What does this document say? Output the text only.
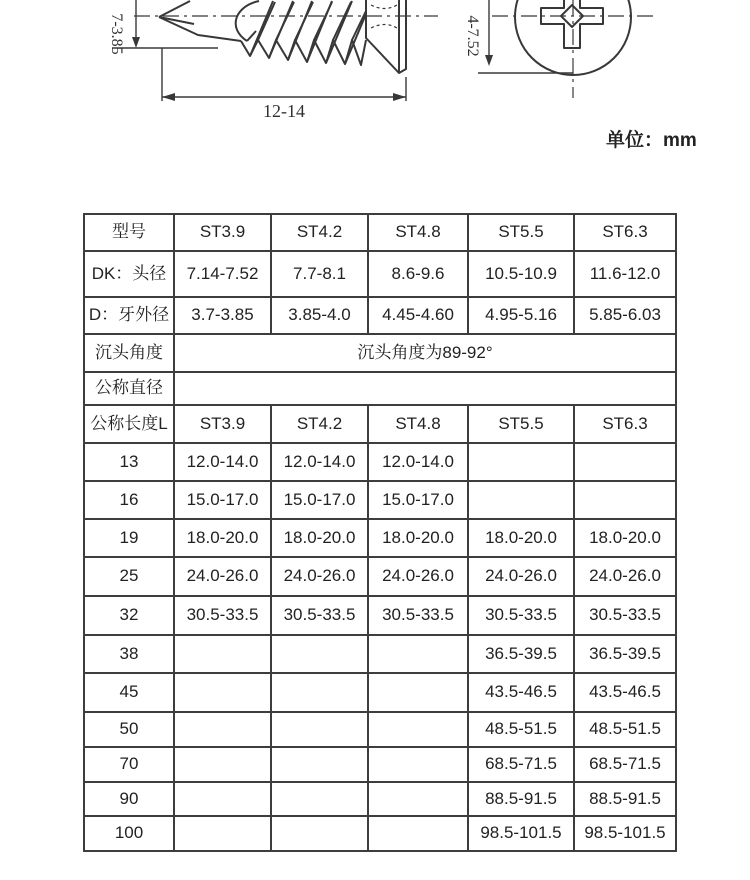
7-3.85
12-14
4-7.52
单位：mm
型号	ST3.9	ST4.2	ST4.8	ST5.5	ST6.3
DK：头径	7.14-7.52	7.7-8.1	8.6-9.6	10.5-10.9	11.6-12.0
D：牙外径	3.7-3.85	3.85-4.0	4.45-4.60	4.95-5.16	5.85-6.03
沉头角度	沉头角度为89-92°				
公称直径					
公称长度L	ST3.9	ST4.2	ST4.8	ST5.5	ST6.3
13	12.0-14.0	12.0-14.0	12.0-14.0		
16	15.0-17.0	15.0-17.0	15.0-17.0		
19	18.0-20.0	18.0-20.0	18.0-20.0	18.0-20.0	18.0-20.0
25	24.0-26.0	24.0-26.0	24.0-26.0	24.0-26.0	24.0-26.0
32	30.5-33.5	30.5-33.5	30.5-33.5	30.5-33.5	30.5-33.5
38				36.5-39.5	36.5-39.5
45				43.5-46.5	43.5-46.5
50				48.5-51.5	48.5-51.5
70				68.5-71.5	68.5-71.5
90				88.5-91.5	88.5-91.5
100				98.5-101.5	98.5-101.5
